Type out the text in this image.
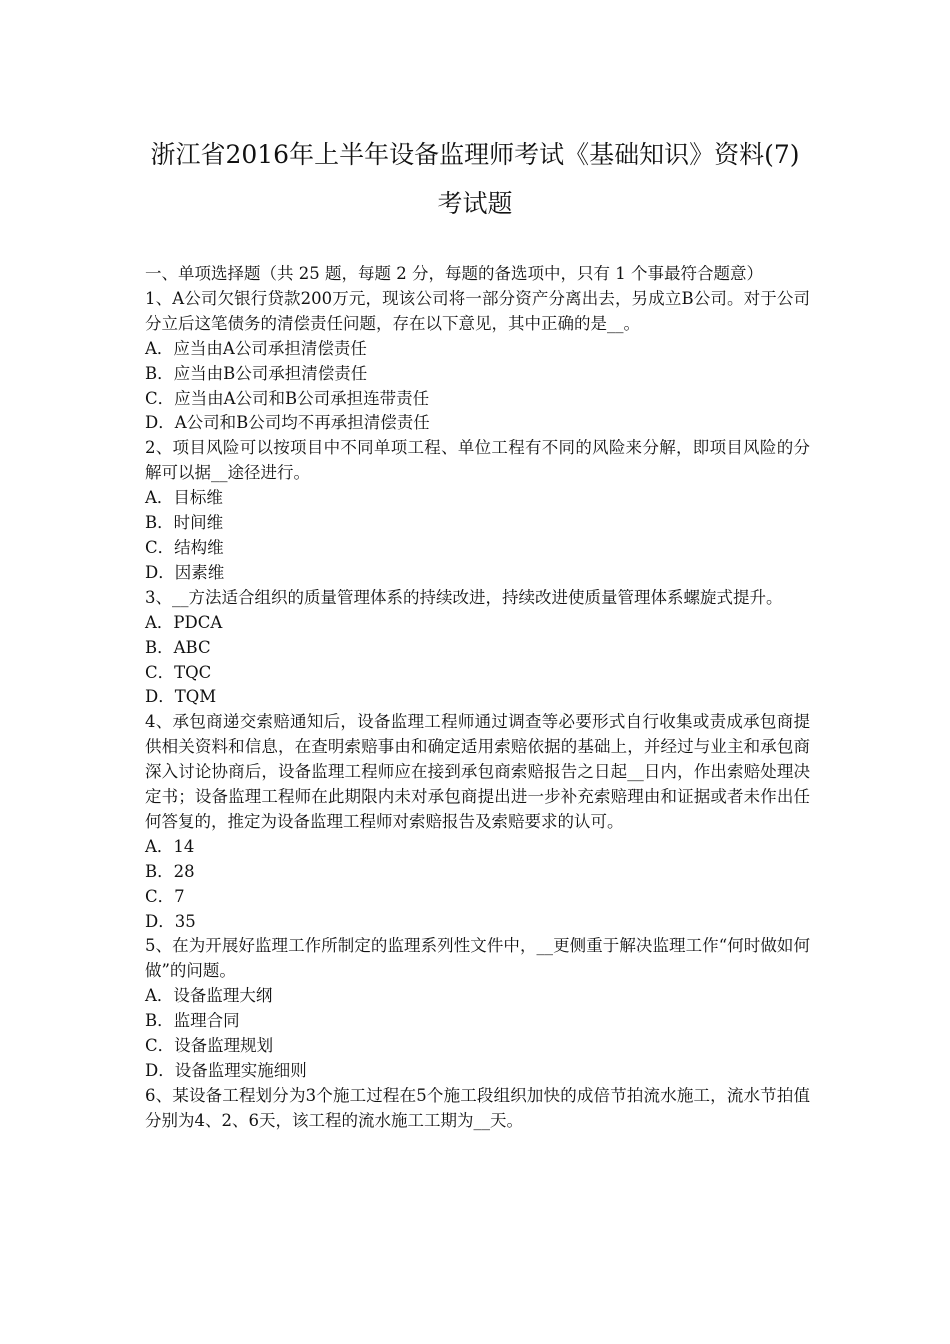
浙江省2016年上半年设备监理师考试《基础知识》资料(7)
考试题

一、单项选择题（共 25 题，每题 2 分，每题的备选项中，只有 1 个事最符合题意）

1、A公司欠银行贷款200万元，现该公司将一部分资产分离出去，另成立B公司。对于公司分立后这笔债务的清偿责任问题，存在以下意见，其中正确的是__。

A．应当由A公司承担清偿责任

B．应当由B公司承担清偿责任

C．应当由A公司和B公司承担连带责任

D．A公司和B公司均不再承担清偿责任

2、项目风险可以按项目中不同单项工程、单位工程有不同的风险来分解，即项目风险的分解可以据__途径进行。

A．目标维

B．时间维

C．结构维

D．因素维

3、__方法适合组织的质量管理体系的持续改进，持续改进使质量管理体系螺旋式提升。

A．PDCA

B．ABC

C．TQC

D．TQM

4、承包商递交索赔通知后，设备监理工程师通过调查等必要形式自行收集或责成承包商提供相关资料和信息，在查明索赔事由和确定适用索赔依据的基础上，并经过与业主和承包商深入讨论协商后，设备监理工程师应在接到承包商索赔报告之日起__日内，作出索赔处理决定书；设备监理工程师在此期限内未对承包商提出进一步补充索赔理由和证据或者未作出任何答复的，推定为设备监理工程师对索赔报告及索赔要求的认可。

A．14

B．28

C．7

D．35

5、在为开展好监理工作所制定的监理系列性文件中，__更侧重于解决监理工作“何时做如何做”的问题。

A．设备监理大纲

B．监理合同

C．设备监理规划

D．设备监理实施细则

6、某设备工程划分为3个施工过程在5个施工段组织加快的成倍节拍流水施工，流水节拍值分别为4、2、6天，该工程的流水施工工期为__天。
